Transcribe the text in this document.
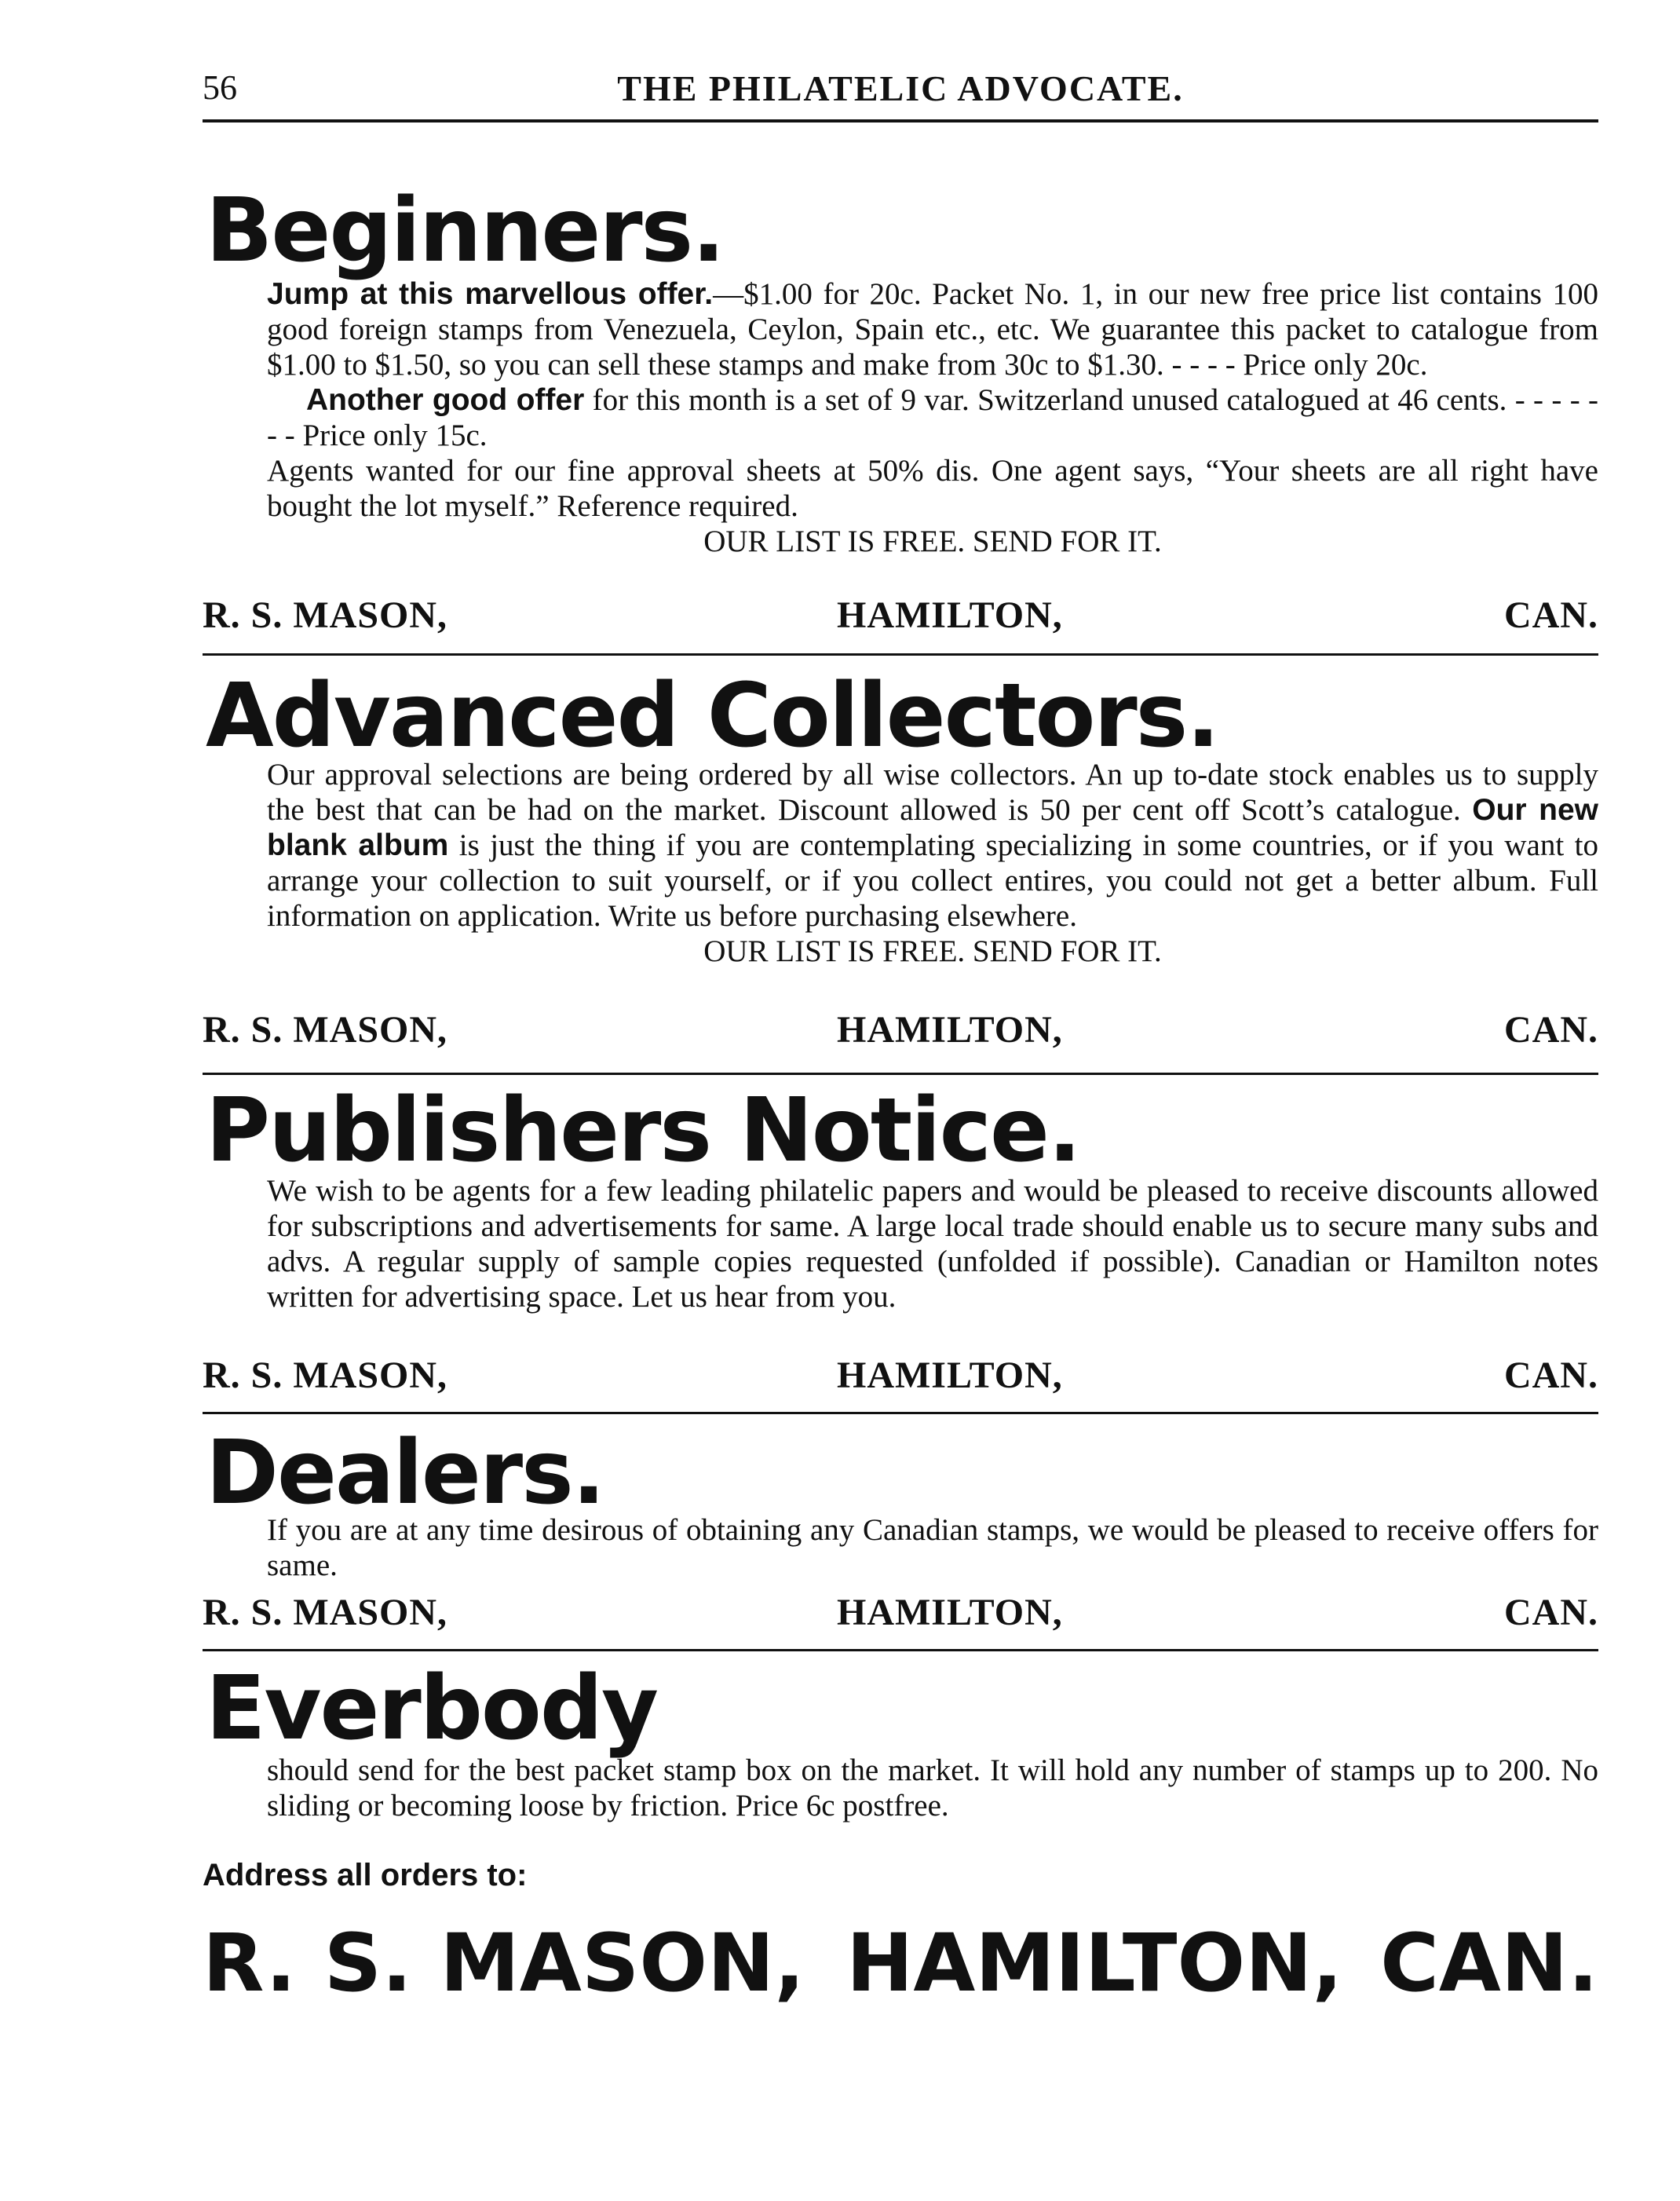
56	THE PHILATELIC ADVOCATE.
Beginners.

Jump at this marvellous offer.—$1.00 for 20c. Packet No. 1, in our new free price list contains 100 good foreign stamps from Venezuela, Ceylon, Spain etc., etc. We guarantee this packet to catalogue from $1.00 to $1.50, so you can sell these stamps and make from 30c to $1.30. - - - - Price only 20c.

Another good offer for this month is a set of 9 var. Switzerland unused catalogued at 46 cents. - - - - - - - Price only 15c.

Agents wanted for our fine approval sheets at 50% dis. One agent says, “Your sheets are all right have bought the lot myself.” Reference required.

OUR LIST IS FREE. SEND FOR IT.

R. S. MASON,	HAMILTON,	CAN.
Advanced Collectors.

Our approval selections are being ordered by all wise collectors. An up to-date stock enables us to supply the best that can be had on the market. Discount allowed is 50 per cent off Scott’s catalogue. Our new blank album is just the thing if you are contemplating specializing in some countries, or if you want to arrange your collection to suit yourself, or if you collect entires, you could not get a better album. Full information on application. Write us before purchasing elsewhere.

OUR LIST IS FREE. SEND FOR IT.

R. S. MASON,	HAMILTON,	CAN.
Publishers Notice.

We wish to be agents for a few leading philatelic papers and would be pleased to receive discounts allowed for subscriptions and advertisements for same. A large local trade should enable us to secure many subs and advs. A regular supply of sample copies requested (unfolded if possible). Canadian or Hamilton notes written for advertising space. Let us hear from you.

R. S. MASON,	HAMILTON,	CAN.
Dealers.

If you are at any time desirous of obtaining any Canadian stamps, we would be pleased to receive offers for same.

R. S. MASON,	HAMILTON,	CAN.
Everbody

should send for the best packet stamp box on the market. It will hold any number of stamps up to 200. No sliding or becoming loose by friction. Price 6c postfree.

Address all orders to:
R. S. MASON, HAMILTON, CAN.
